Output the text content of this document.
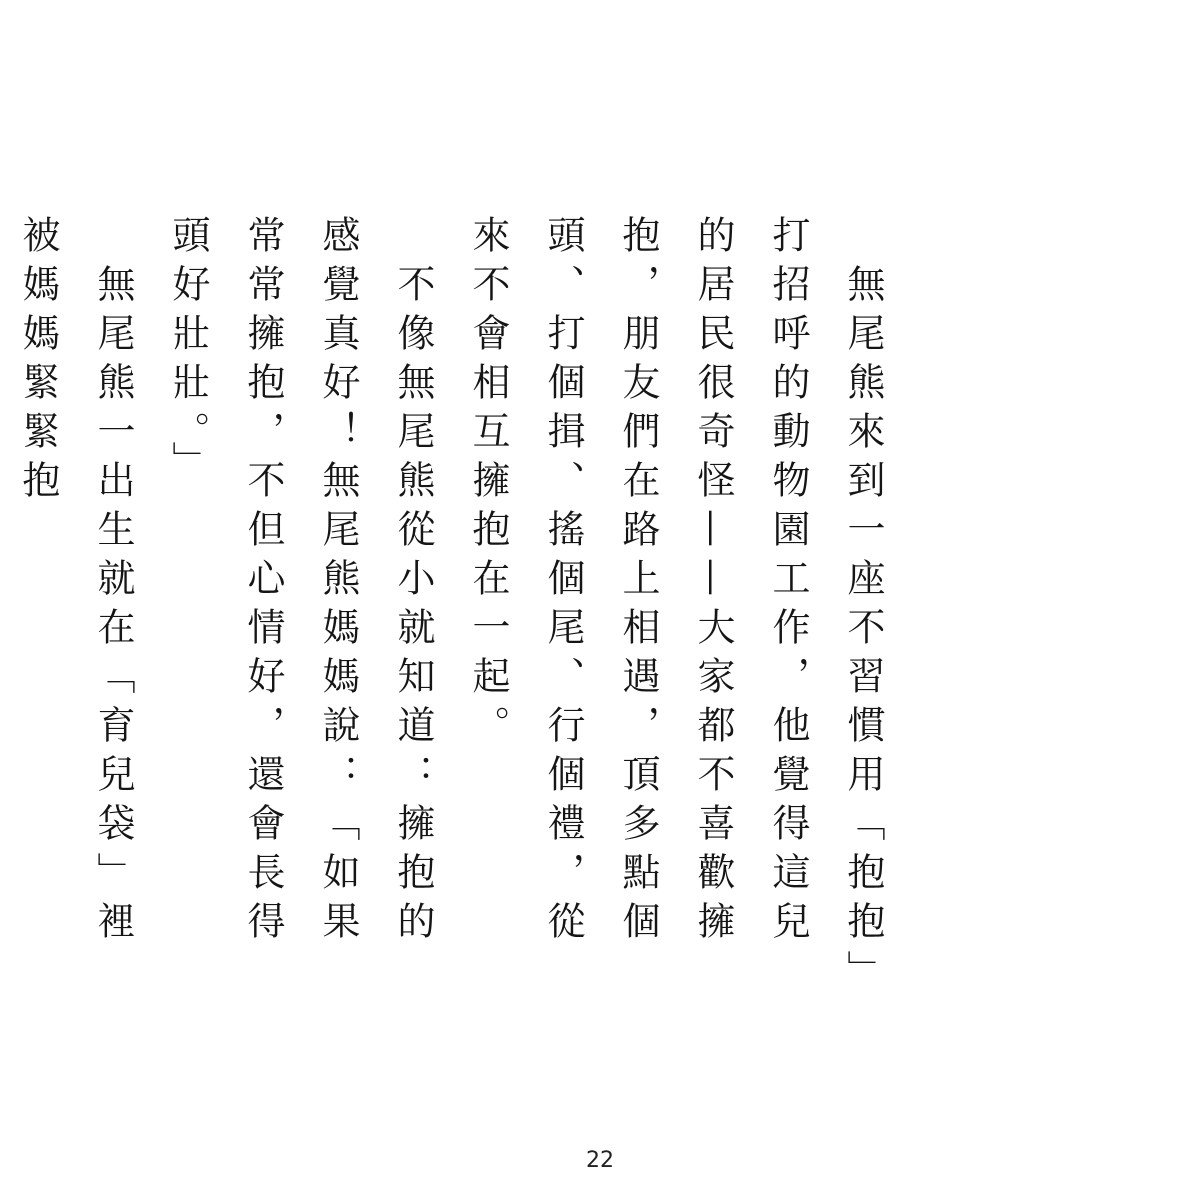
　無尾熊來到一座不習慣用「抱抱」打招呼的動物園工作，他覺得這兒的居民很奇怪——大家都不喜歡擁抱，朋友們在路上相遇，頂多點個頭、打個揖、搖個尾、行個禮，從來不會相互擁抱在一起。

　不像無尾熊從小就知道：擁抱的感覺真好！無尾熊媽媽說：「如果常常擁抱，不但心情好，還會長得頭好壯壯。」

　無尾熊一出生就在「育兒袋」裡被媽媽緊緊抱

22
